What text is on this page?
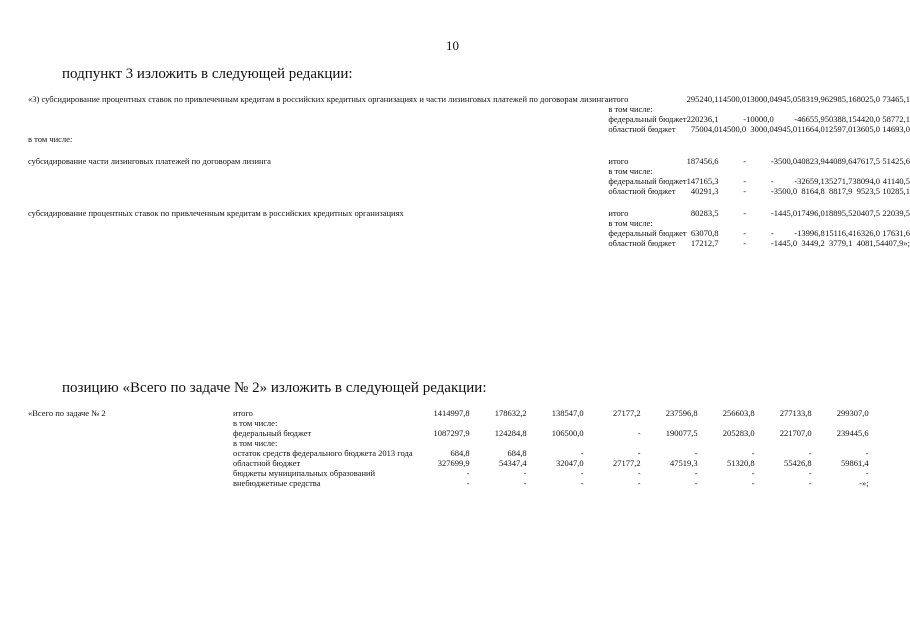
10
подпункт 3 изложить в следующей редакции:
«3) субсидирование процентных ставок по привлеченным кредитам в российских кредитных организациях и части лизинговых платежей по договорам лизинга	итого	295240,1	14500,0	13000,0	4945,0	58319,9	62985,1	68025,0	73465,1
	в том числе:								
	федеральный бюджет	220236,1	-	10000,0	-	46655,9	50388,1	54420,0	58772,1
	областной бюджет	75004,0	14500,0	3000,0	4945,0	11664,0	12597,0	13605,0	14693,0
в том числе:									

субсидирование части лизинговых платежей по договорам лизинга	итого	187456,6	-	-	3500,0	40823,9	44089,6	47617,5	51425,6
	в том числе:								
	федеральный бюджет	147165,3	-	-	-	32659,1	35271,7	38094,0	41140,5
	областной бюджет	40291,3	-	-	3500,0	8164,8	8817,9	9523,5	10285,1

субсидирование процентных ставок по привлеченным кредитам в российских кредитных организациях	итого	80283,5	-	-	1445,0	17496,0	18895,5	20407,5	22039,5
	в том числе:								
	федеральный бюджет	63070,8	-	-	-	13996,8	15116,4	16326,0	17631,6
	областной бюджет	17212,7	-	-	1445,0	3449,2	3779,1	4081,5	4407,9»;
позицию «Всего по задаче № 2» изложить в следующей редакции:
«Всего по задаче № 2	итого	1414997,8	178632,2	138547,0	27177,2	237596,8	256603,8	277133,8	299307,0
	в том числе:								
	федеральный бюджет	1087297,9	124284,8	106500,0	-	190077,5	205283,0	221707,0	239445,6
	в том числе:								
	остаток средств федерального бюджета 2013 года	684,8	684,8	-	-	-	-	-	-
	областной бюджет	327699,9	54347,4	32047,0	27177,2	47519,3	51320,8	55426,8	59861,4
	бюджеты муниципальных образований	-	-	-	-	-	-	-	-
	внебюджетные средства	-	-	-	-	-	-	-	-»;
